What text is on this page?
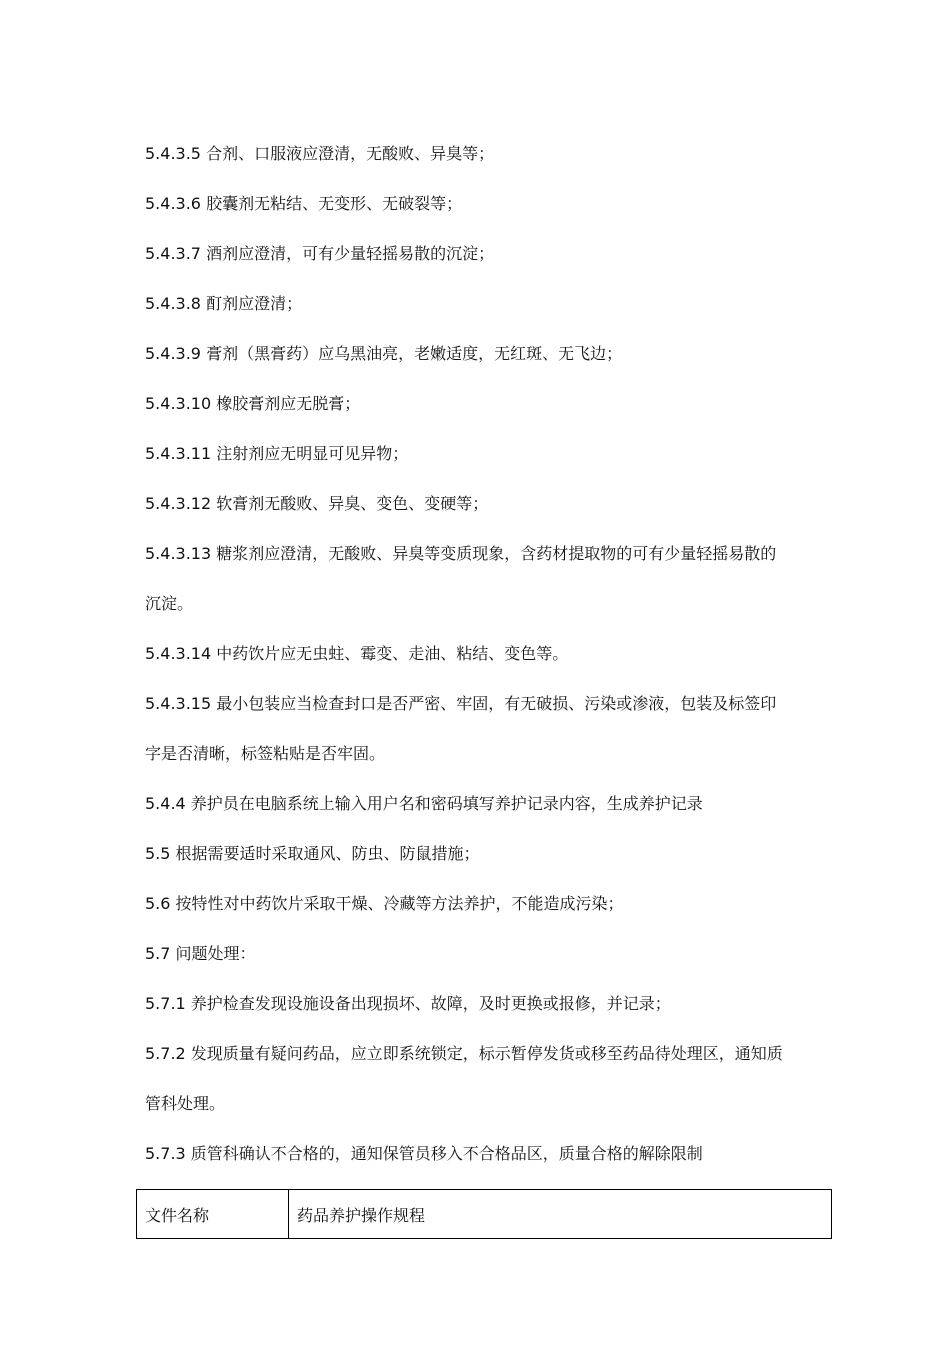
5.4.3.5 合剂、口服液应澄清，无酸败、异臭等；

5.4.3.6 胶囊剂无粘结、无变形、无破裂等；

5.4.3.7 酒剂应澄清，可有少量轻摇易散的沉淀；

5.4.3.8 酊剂应澄清；

5.4.3.9 膏剂（黑膏药）应乌黑油亮，老嫩适度，无红斑、无飞边；

5.4.3.10 橡胶膏剂应无脱膏；

5.4.3.11 注射剂应无明显可见异物；

5.4.3.12 软膏剂无酸败、异臭、变色、变硬等；

5.4.3.13 糖浆剂应澄清，无酸败、异臭等变质现象，含药材提取物的可有少量轻摇易散的沉淀。

5.4.3.14 中药饮片应无虫蛀、霉变、走油、粘结、变色等。

5.4.3.15 最小包装应当检查封口是否严密、牢固，有无破损、污染或渗液，包装及标签印字是否清晰，标签粘贴是否牢固。

5.4.4 养护员在电脑系统上输入用户名和密码填写养护记录内容，生成养护记录

5.5 根据需要适时采取通风、防虫、防鼠措施；

5.6 按特性对中药饮片采取干燥、冷藏等方法养护，不能造成污染；

5.7 问题处理：

5.7.1 养护检查发现设施设备出现损坏、故障，及时更换或报修，并记录；

5.7.2 发现质量有疑问药品，应立即系统锁定，标示暂停发货或移至药品待处理区，通知质管科处理。

5.7.3 质管科确认不合格的，通知保管员移入不合格品区，质量合格的解除限制

文件名称	药品养护操作规程
